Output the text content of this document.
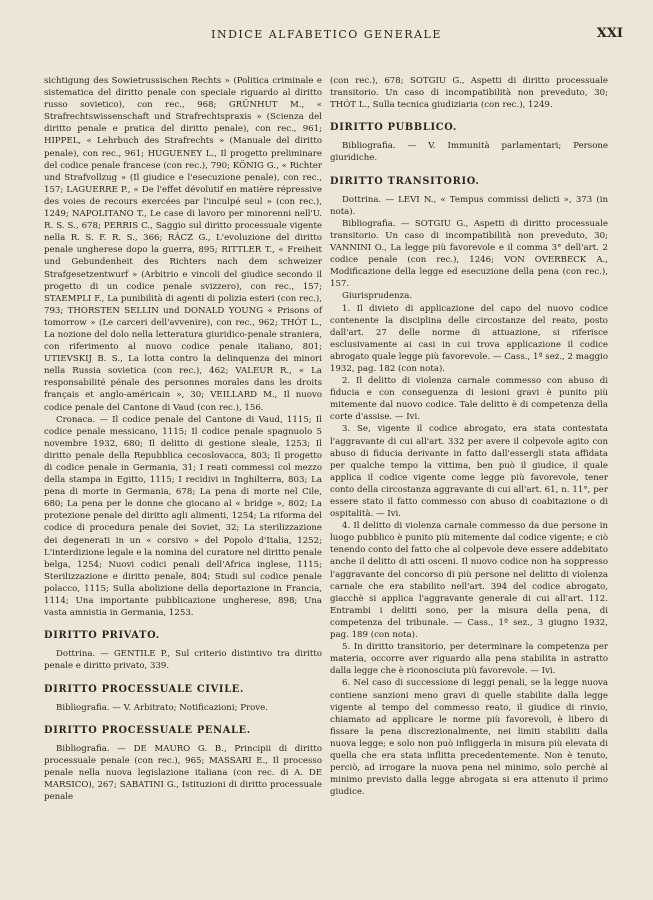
INDICE ALFABETICO GENERALE	XXI

sichtigung des Sowietrussischen Rechts » (Politica criminale e sistematica del diritto penale con speciale riguardo al diritto russo sovietico), con rec., 968; GRÜNHUT M., « Strafrechtswissenschaft und Strafrechtspraxis » (Scienza del diritto penale e pratica del diritto penale), con rec., 961; HIPPEL, « Lehrbuch des Strafrechts » (Manuale del diritto penale), con rec., 961; HUGUENEY L., Il progetto preliminare del codice penale francese (con rec.), 790; KÖNIG G., « Richter und Strafvollzug » (Il giudice e l'esecuzione penale), con rec., 157; LAGUERRE P., « De l'effet dévolutif en matière répressive des voies de recours exercées par l'inculpé seul » (con rec.), 1249; NAPOLITANO T., Le case di lavoro per minorenni nell'U. R. S. S., 678; PERRIS C., Saggio sul diritto processuale vigente nella R. S. F. R. S., 366; RÁCZ G., L'evoluzione del diritto penale ungherese dopo la guerra, 895; RITTLER T., « Freiheit und Gebundenheit des Richters nach dem schweizer Strafgesetzentwurf » (Arbitrio e vincoli del giudice secondo il progetto di un codice penale svizzero), con rec., 157; STAEMPLI F., La punibilità di agenti di polizia esteri (con rec.), 793; THORSTEN SELLIN und DONALD YOUNG « Prisons of tomorrow » (Le carceri dell'avvenire), con rec., 962; THÓT L., La nozione del dolo nella letteratura giuridico-penale straniera, con riferimento al nuovo codice penale italiano, 801; UTIEVSKIJ B. S., La lotta contro la delinquenza dei minori nella Russia sovietica (con rec.), 462; VALEUR R., « La responsabilité pénale des personnes morales dans les droits français et anglo-américain », 30; VEILLARD M., Il nuovo codice penale del Cantone di Vaud (con rec.), 156.

Cronaca. — Il codice penale del Cantone di Vaud, 1115; Il codice penale messicano, 1115; Il codice penale spagnuolo 5 novembre 1932, 680; Il delitto di gestione sleale, 1253; Il diritto penale della Repubblica cecoslovacca, 803; Il progetto di codice penale in Germania, 31; I reati commessi col mezzo della stampa in Egitto, 1115; I recidivi in Inghilterra, 803; La pena di morte in Germania, 678; La pena di morte nel Cile, 680; La pena per le donne che giocano al « bridge », 802; La protezione penale del diritto agli alimenti, 1254; La riforma del codice di procedura penale dei Soviet, 32; La sterilizzazione dei degenerati in un « corsivo » del Popolo d'Italia, 1252; L'interdizione legale e la nomina del curatore nel diritto penale belga, 1254; Nuovi codici penali dell'Africa inglese, 1115; Sterilizzazione e diritto penale, 804; Studi sul codice penale polacco, 1115; Sulla abolizione della deportazione in Francia, 1114; Una importante pubblicazione ungherese, 898; Una vasta amnistia in Germania, 1253.

DIRITTO PRIVATO.

Dottrina. — GENTILE P., Sul criterio distintivo tra diritto penale e diritto privato, 339.

DIRITTO PROCESSUALE CIVILE.

Bibliografia. — V. Arbitrato; Notificazioni; Prove.

DIRITTO PROCESSUALE PENALE.

Bibliografia. — DE MAURO G. B., Principii di diritto processuale penale (con rec.), 965; MASSARI E., Il processo penale nella nuova legislazione italiana (con rec. di A. DE MARSICO), 267; SABATINI G., Istituzioni di diritto processuale penale

(con rec.), 678; SOTGIU G., Aspetti di diritto processuale transitorio. Un caso di incompatibilità non preveduto, 30; THÓT L., Sulla tecnica giudiziaria (con rec.), 1249.

DIRITTO PUBBLICO.

Bibliografia. — V. Immunità parlamentari; Persone giuridiche.

DIRITTO TRANSITORIO.

Dottrina. — LEVI N., « Tempus commissi delicti », 373 (in nota).

Bibliografia. — SOTGIU G., Aspetti di diritto processuale transitorio. Un caso di incompatibilità non preveduto, 30; VANNINI O., La legge più favorevole e il comma 3° dell'art. 2 codice penale (con rec.), 1246; VON OVERBECK A., Modificazione della legge ed esecuzione della pena (con rec.), 157.

Giurisprudenza.

1. Il divieto di applicazione del capo del nuovo codice contenente la disciplina delle circostanze del reato, posto dall'art. 27 delle norme di attuazione, si riferisce esclusivamente ai casi in cui trova applicazione il codice abrogato quale legge più favorevole. — Cass., 1ª sez., 2 maggio 1932, pag. 182 (con nota).

2. Il delitto di violenza carnale commesso con abuso di fiducia e con conseguenza di lesioni gravi è punito più mitemente dal nuovo codice. Tale delitto è di competenza della corte d'assise. — Ivi.

3. Se, vigente il codice abrogato, era stata contestata l'aggravante di cui all'art. 332 per avere il colpevole agito con abuso di fiducia derivante in fatto dall'essergli stata affidata per qualche tempo la vittima, ben può il giudice, il quale applica il codice vigente come legge più favorevole, tener conto della circostanza aggravante di cui all'art. 61, n. 11°, per essere stato il fatto commesso con abuso di coabitazione o di ospitalità. — Ivi.

4. Il delitto di violenza carnale commesso da due persone in luogo pubblico è punito più mitemente dal codice vigente; e ciò tenendo conto del fatto che al colpevole deve essere addebitato anche il delitto di atti osceni. Il nuovo codice non ha soppresso l'aggravante del concorso di più persone nel delitto di violenza carnale che era stabilito nell'art. 394 del codice abrogato, giacchè si applica l'aggravante generale di cui all'art. 112. Entrambi i delitti sono, per la misura della pena, di competenza del tribunale. — Cass., 1ª sez., 3 giugno 1932, pag. 189 (con nota).

5. In diritto transitorio, per determinare la competenza per materia, occorre aver riguardo alla pena stabilita in astratto dalla legge che è riconosciuta più favorevole. — Ivi.

6. Nel caso di successione di leggi penali, se la legge nuova contiene sanzioni meno gravi di quelle stabilite dalla legge vigente al tempo del commesso reato, il giudice di rinvio, chiamato ad applicare le norme più favorevoli, è libero di fissare la pena discrezionalmente, nei limiti stabiliti dalla nuova legge; e solo non può infliggerla in misura più elevata di quella che era stata inflitta precedentemente. Non è tenuto, perciò, ad irrogare la nuova pena nel minimo, solo perchè al minimo previsto dalla legge abrogata si era attenuto il primo giudice.
